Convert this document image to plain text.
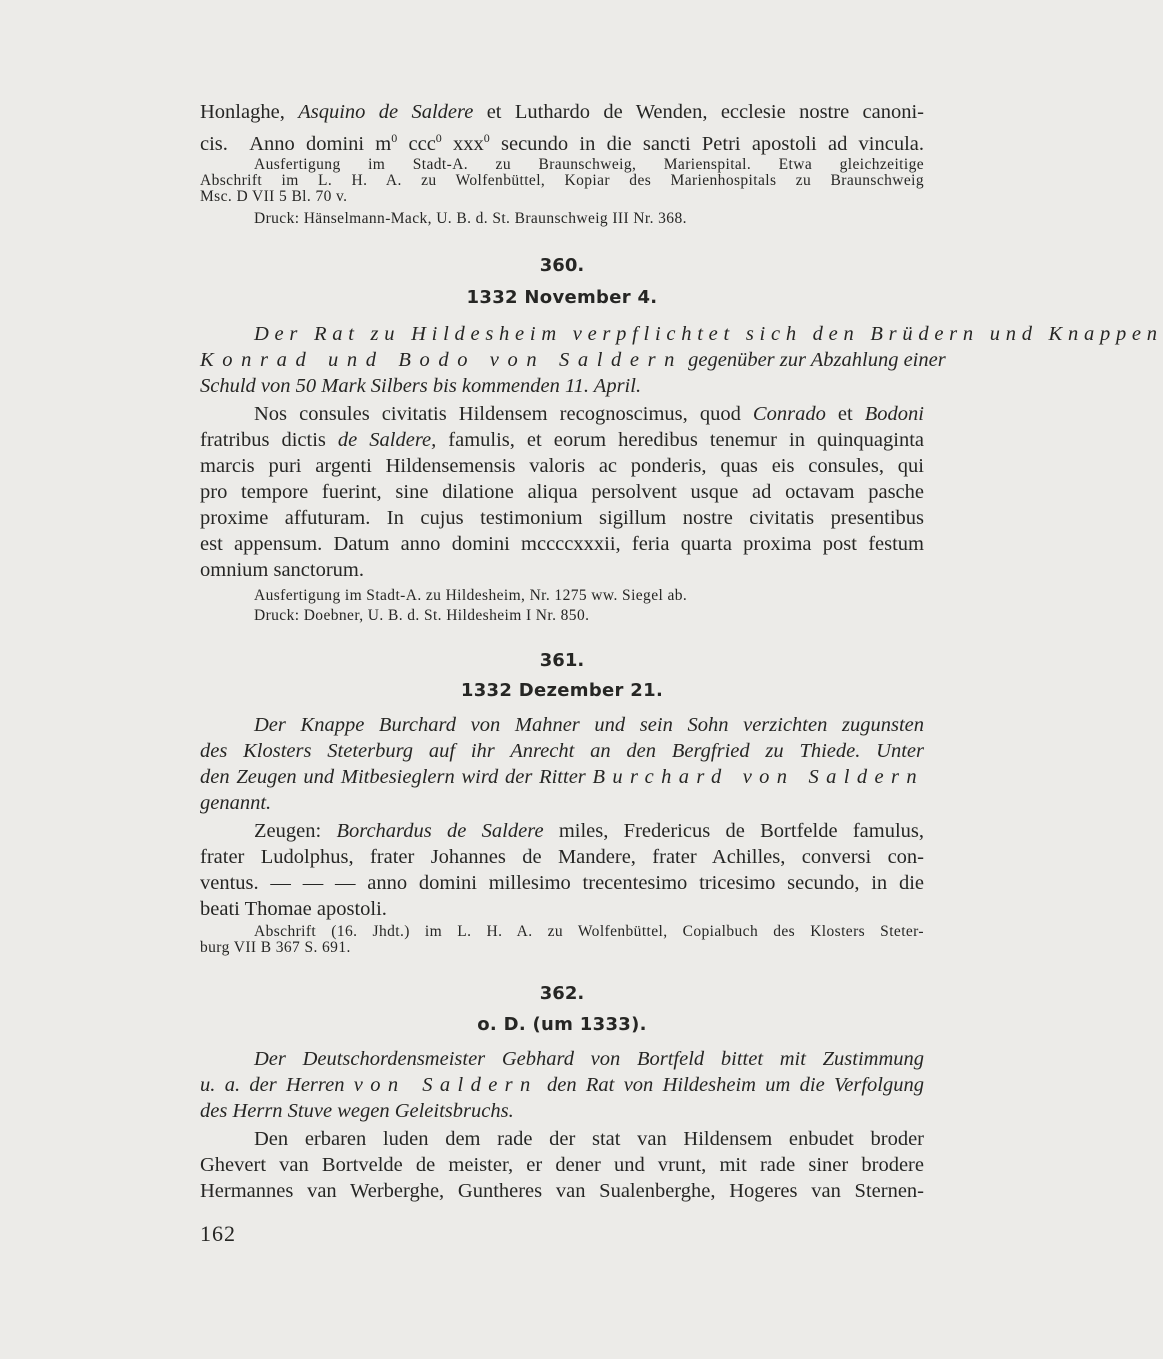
Honlaghe, Asquino de Saldere et Luthardo de Wenden, ecclesie nostre canoni-

cis.  Anno domini $m^0$ ccc$^0$ xxx$^0$ secundo in die sancti Petri apostoli ad vincula.

Ausfertigung im Stadt-A. zu Braunschweig, Marienspital. Etwa gleichzeitige

Abschrift im L. H. A. zu Wolfenbüttel, Kopiar des Marienhospitals zu Braunschweig

Msc. D VII 5 Bl. 70 v.

Druck: Hänselmann-Mack, U. B. d. St. Braunschweig III Nr. 368.

360.

1332 November 4.

Der Rat zu Hildesheim verpflichtet sich den Brüdern und Knappen

Konrad und Bodo von Saldern gegenüber zur Abzahlung einer

Schuld von 50 Mark Silbers bis kommenden 11. April.

Nos consules civitatis Hildensem recognoscimus, quod Conrado et Bodoni

fratribus dictis de Saldere, famulis, et eorum heredibus tenemur in quinquaginta

marcis puri argenti Hildensemensis valoris ac ponderis, quas eis consules, qui

pro tempore fuerint, sine dilatione aliqua persolvent usque ad octavam pasche

proxime affuturam. In cujus testimonium sigillum nostre civitatis presentibus

est appensum. Datum anno domini mccccxxxii, feria quarta proxima post festum

omnium sanctorum.

Ausfertigung im Stadt-A. zu Hildesheim, Nr. 1275 ww. Siegel ab.

Druck: Doebner, U. B. d. St. Hildesheim I Nr. 850.

361.

1332 Dezember 21.

Der Knappe Burchard von Mahner und sein Sohn verzichten zugunsten

des Klosters Steterburg auf ihr Anrecht an den Bergfried zu Thiede. Unter

den Zeugen und Mitbesieglern wird der Ritter Burchard von Saldern

genannt.

Zeugen: Borchardus de Saldere miles, Fredericus de Bortfelde famulus,

frater Ludolphus, frater Johannes de Mandere, frater Achilles, conversi con-

ventus. — — — anno domini millesimo trecentesimo tricesimo secundo, in die

beati Thomae apostoli.

Abschrift (16. Jhdt.) im L. H. A. zu Wolfenbüttel, Copialbuch des Klosters Steter-

burg VII B 367 S. 691.

362.

o. D. (um 1333).

Der Deutschordensmeister Gebhard von Bortfeld bittet mit Zustimmung

u. a. der Herren von Saldern den Rat von Hildesheim um die Verfolgung

des Herrn Stuve wegen Geleitsbruchs.

Den erbaren luden dem rade der stat van Hildensem enbudet broder

Ghevert van Bortvelde de meister, er dener und vrunt, mit rade siner brodere

Hermannes van Werberghe, Guntheres van Sualenberghe, Hogeres van Sternen-

162
